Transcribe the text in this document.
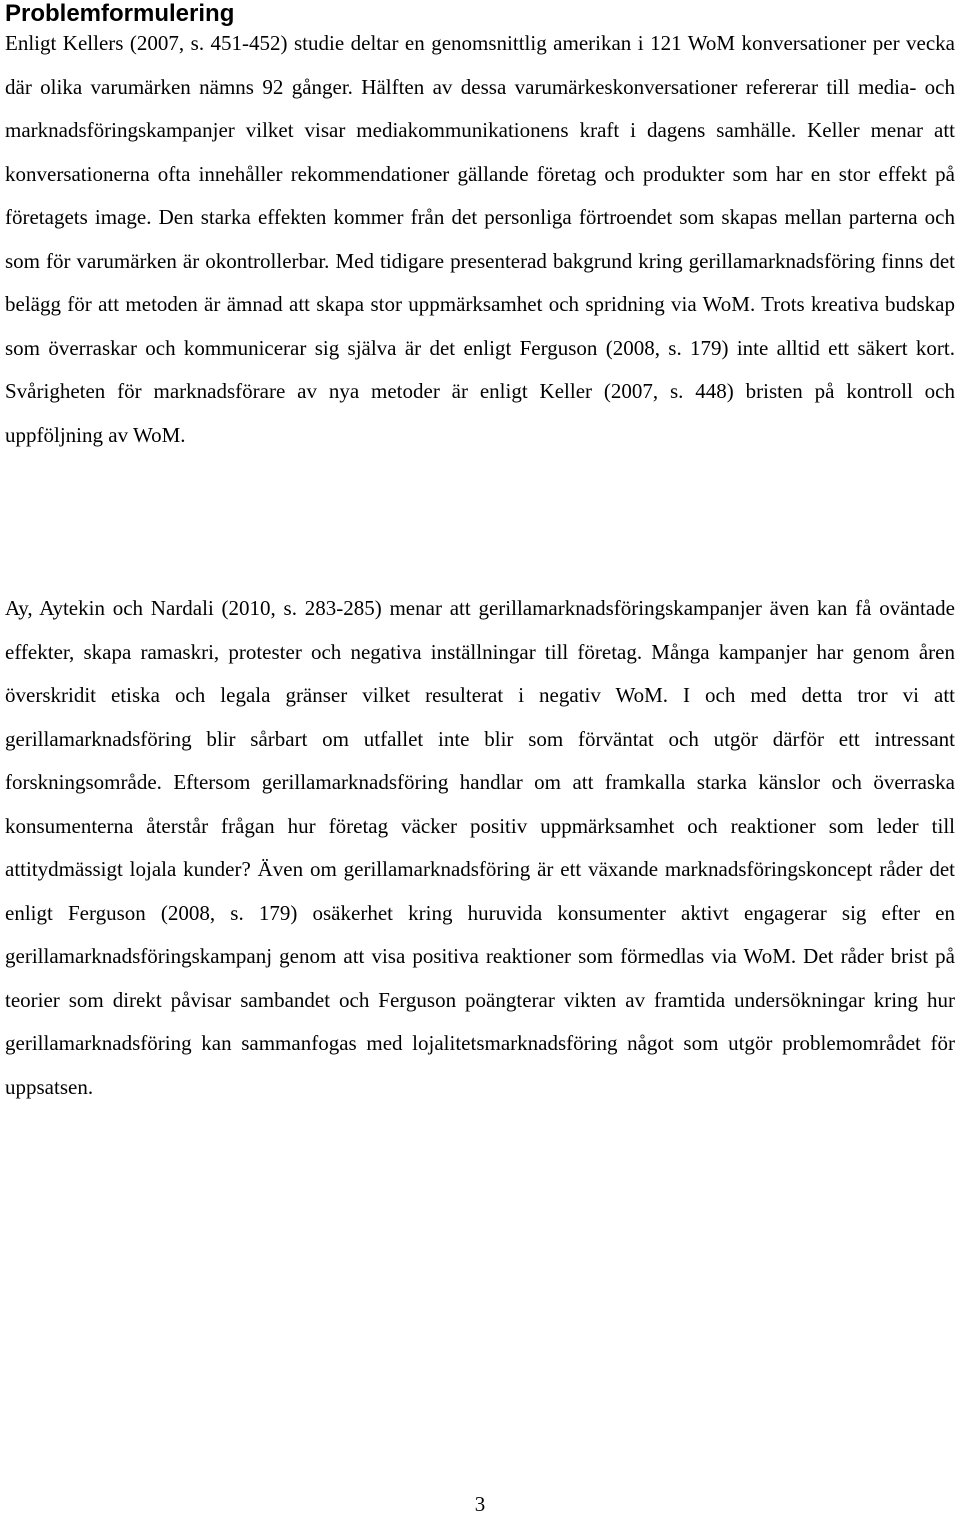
Problemformulering

Enligt Kellers (2007, s. 451-452) studie deltar en genomsnittlig amerikan i 121 WoM konversationer per vecka där olika varumärken nämns 92 gånger. Hälften av dessa varumärkeskonversationer refererar till media- och marknadsföringskampanjer vilket visar mediakommunikationens kraft i dagens samhälle. Keller menar att konversationerna ofta innehåller rekommendationer gällande företag och produkter som har en stor effekt på företagets image. Den starka effekten kommer från det personliga förtroendet som skapas mellan parterna och som för varumärken är okontrollerbar. Med tidigare presenterad bakgrund kring gerillamarknadsföring finns det belägg för att metoden är ämnad att skapa stor uppmärksamhet och spridning via WoM. Trots kreativa budskap som överraskar och kommunicerar sig själva är det enligt Ferguson (2008, s. 179) inte alltid ett säkert kort. Svårigheten för marknadsförare av nya metoder är enligt Keller (2007, s. 448) bristen på kontroll och uppföljning av WoM.

Ay, Aytekin och Nardali (2010, s. 283-285) menar att gerillamarknadsföringskampanjer även kan få oväntade effekter, skapa ramaskri, protester och negativa inställningar till företag. Många kampanjer har genom åren överskridit etiska och legala gränser vilket resulterat i negativ WoM. I och med detta tror vi att gerillamarknadsföring blir sårbart om utfallet inte blir som förväntat och utgör därför ett intressant forskningsområde. Eftersom gerillamarknadsföring handlar om att framkalla starka känslor och överraska konsumenterna återstår frågan hur företag väcker positiv uppmärksamhet och reaktioner som leder till attitydmässigt lojala kunder? Även om gerillamarknadsföring är ett växande marknadsföringskoncept råder det enligt Ferguson (2008, s. 179) osäkerhet kring huruvida konsumenter aktivt engagerar sig efter en gerillamarknadsföringskampanj genom att visa positiva reaktioner som förmedlas via WoM. Det råder brist på teorier som direkt påvisar sambandet och Ferguson poängterar vikten av framtida undersökningar kring hur gerillamarknadsföring kan sammanfogas med lojalitetsmarknadsföring något som utgör problemområdet för uppsatsen.

3
